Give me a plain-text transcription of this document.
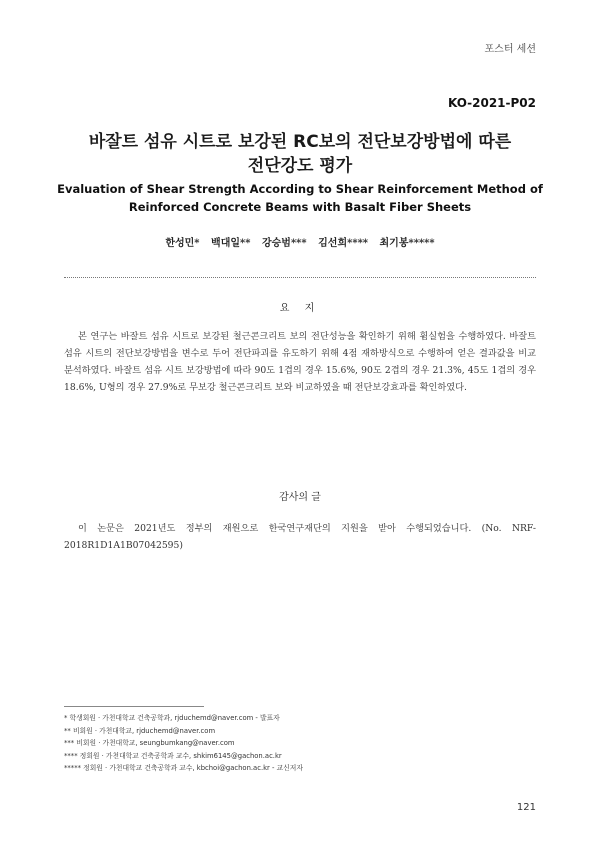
포스터 세션
KO-2021-P02
바잘트 섬유 시트로 보강된 RC보의 전단보강방법에 따른
전단강도 평가
Evaluation of Shear Strength According to Shear Reinforcement Method of
Reinforced Concrete Beams with Basalt Fiber Sheets
한성민* 백대일** 강승범*** 김선희**** 최기봉*****
요 지
본 연구는 바잘트 섬유 시트로 보강된 철근콘크리트 보의 전단성능을 확인하기 위해 휨실험을 수행하였다. 바잘트 섬유 시트의 전단보강방법을 변수로 두어 전단파괴를 유도하기 위해 4점 재하방식으로 수행하여 얻은 결과값을 비교 분석하였다. 바잘트 섬유 시트 보강방법에 따라 90도 1겹의 경우 15.6%, 90도 2겹의 경우 21.3%, 45도 1겹의 경우 18.6%, U형의 경우 27.9%로 무보강 철근콘크리트 보와 비교하였을 때 전단보강효과를 확인하였다.
감사의 글
이 논문은 2021년도 정부의 재원으로 한국연구재단의 지원을 받아 수행되었습니다. (No. NRF-2018R1D1A1B07042595)
* 학생회원 · 가천대학교 건축공학과, rjduchemd@naver.com - 발표자
** 비회원 · 가천대학교, rjduchemd@naver.com
*** 비회원 · 가천대학교, seungbumkang@naver.com
**** 정회원 · 가천대학교 건축공학과 교수, shkim6145@gachon.ac.kr
***** 정회원 · 가천대학교 건축공학과 교수, kbchoi@gachon.ac.kr - 교신저자
121
